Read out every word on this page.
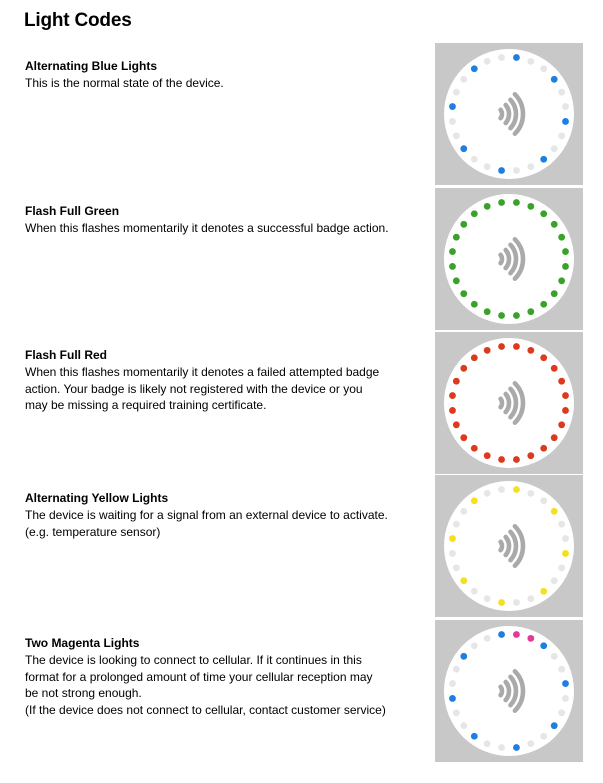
Light Codes

Alternating Blue Lights

This is the normal state of the device.

Flash Full Green

When this flashes momentarily it denotes a successful badge action.

Flash Full Red

When this flashes momentarily it denotes a failed attempted badge
action. Your badge is likely not registered with the device or you
may be missing a required training certificate.

Alternating Yellow Lights

The device is waiting for a signal from an external device to activate.
(e.g. temperature sensor)

Two Magenta Lights

The device is looking to connect to cellular. If it continues in this
format for a prolonged amount of time your cellular reception may
be not strong enough.
(If the device does not connect to cellular, contact customer service)
